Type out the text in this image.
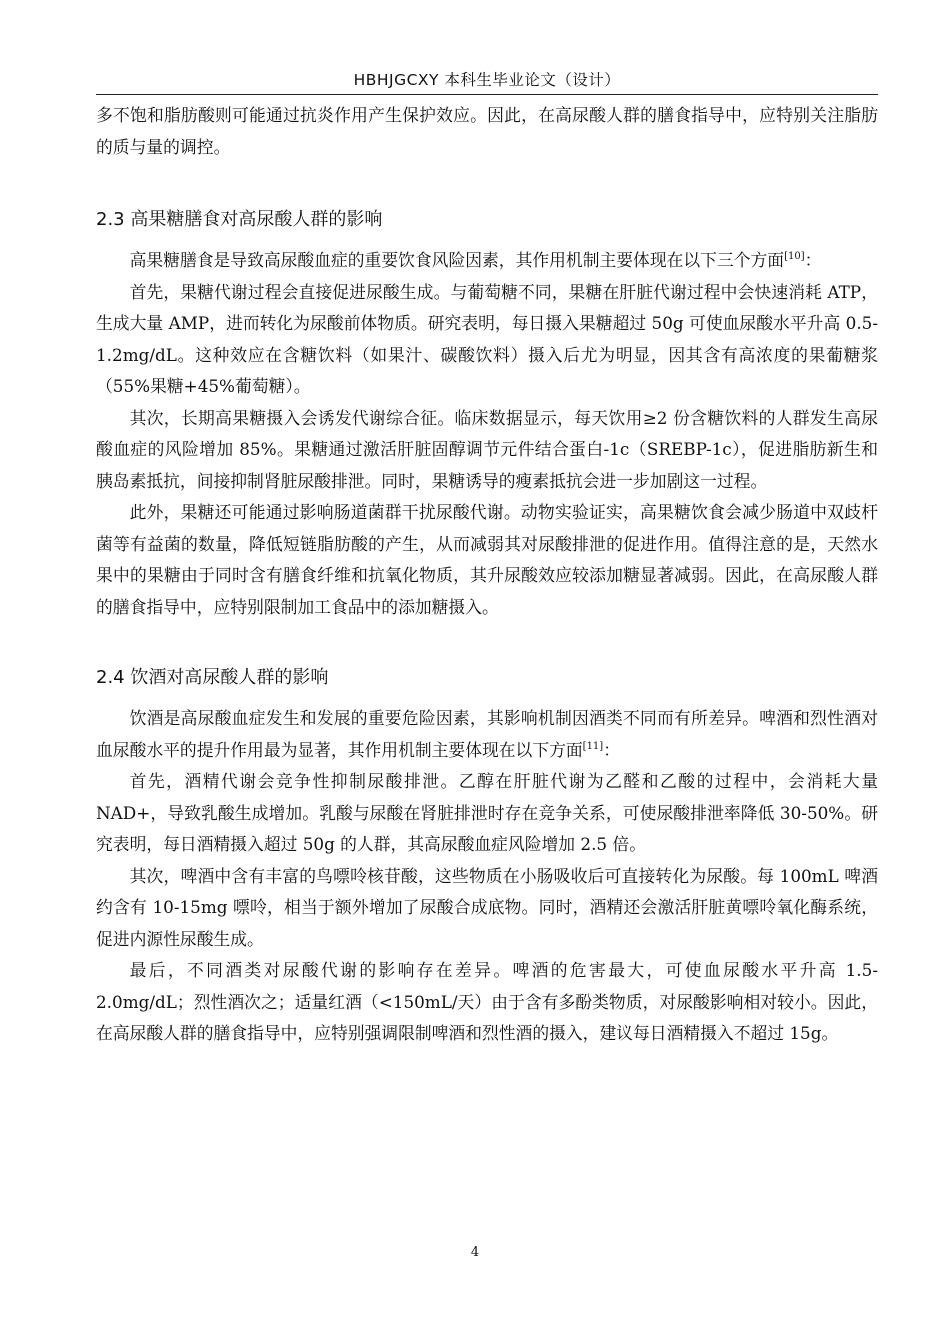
HBHJGCXY 本科生毕业论文（设计）

多不饱和脂肪酸则可能通过抗炎作用产生保护效应。因此，在高尿酸人群的膳食指导中，应特别关注脂肪的质与量的调控。

2.3 高果糖膳食对高尿酸人群的影响

高果糖膳食是导致高尿酸血症的重要饮食风险因素，其作用机制主要体现在以下三个方面[10]：

首先，果糖代谢过程会直接促进尿酸生成。与葡萄糖不同，果糖在肝脏代谢过程中会快速消耗 ATP，生成大量 AMP，进而转化为尿酸前体物质。研究表明，每日摄入果糖超过 50g 可使血尿酸水平升高 0.5-1.2mg/dL。这种效应在含糖饮料（如果汁、碳酸饮料）摄入后尤为明显，因其含有高浓度的果葡糖浆（55%果糖+45%葡萄糖）。

其次，长期高果糖摄入会诱发代谢综合征。临床数据显示，每天饮用≥2 份含糖饮料的人群发生高尿酸血症的风险增加 85%。果糖通过激活肝脏固醇调节元件结合蛋白-1c（SREBP-1c），促进脂肪新生和胰岛素抵抗，间接抑制肾脏尿酸排泄。同时，果糖诱导的瘦素抵抗会进一步加剧这一过程。

此外，果糖还可能通过影响肠道菌群干扰尿酸代谢。动物实验证实，高果糖饮食会减少肠道中双歧杆菌等有益菌的数量，降低短链脂肪酸的产生，从而减弱其对尿酸排泄的促进作用。值得注意的是，天然水果中的果糖由于同时含有膳食纤维和抗氧化物质，其升尿酸效应较添加糖显著减弱。因此，在高尿酸人群的膳食指导中，应特别限制加工食品中的添加糖摄入。

2.4 饮酒对高尿酸人群的影响

饮酒是高尿酸血症发生和发展的重要危险因素，其影响机制因酒类不同而有所差异。啤酒和烈性酒对血尿酸水平的提升作用最为显著，其作用机制主要体现在以下方面[11]：

首先，酒精代谢会竞争性抑制尿酸排泄。乙醇在肝脏代谢为乙醛和乙酸的过程中，会消耗大量 NAD+，导致乳酸生成增加。乳酸与尿酸在肾脏排泄时存在竞争关系，可使尿酸排泄率降低 30-50%。研究表明，每日酒精摄入超过 50g 的人群，其高尿酸血症风险增加 2.5 倍。

其次，啤酒中含有丰富的鸟嘌呤核苷酸，这些物质在小肠吸收后可直接转化为尿酸。每 100mL 啤酒约含有 10-15mg 嘌呤，相当于额外增加了尿酸合成底物。同时，酒精还会激活肝脏黄嘌呤氧化酶系统，促进内源性尿酸生成。

最后，不同酒类对尿酸代谢的影响存在差异。啤酒的危害最大，可使血尿酸水平升高 1.5-2.0mg/dL；烈性酒次之；适量红酒（<150mL/天）由于含有多酚类物质，对尿酸影响相对较小。因此，在高尿酸人群的膳食指导中，应特别强调限制啤酒和烈性酒的摄入，建议每日酒精摄入不超过 15g。

4
